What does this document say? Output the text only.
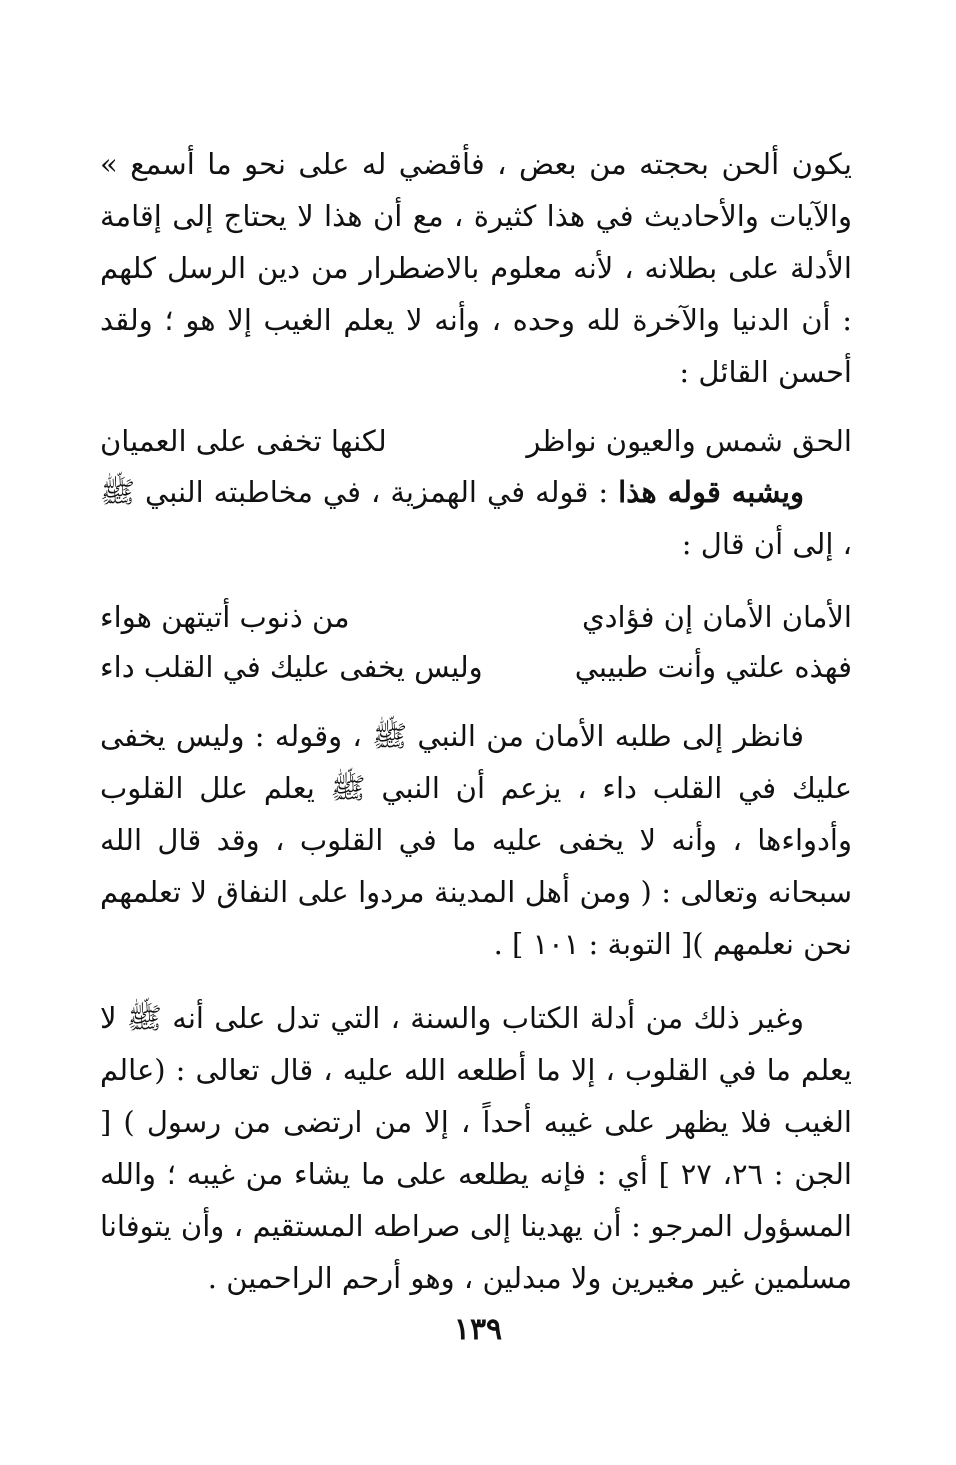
يكون ألحن بحجته من بعض ، فأقضي له على نحو ما أسمع » والآيات والأحاديث في هذا كثيرة ، مع أن هذا لا يحتاج إلى إقامة الأدلة على بطلانه ، لأنه معلوم بالاضطرار من دين الرسل كلهم : أن الدنيا والآخرة لله وحده ، وأنه لا يعلم الغيب إلا هو ؛ ولقد أحسن القائل :

الحق شمس والعيون نواظر
لكنها تخفى على العميان

ويشبه قوله هذا : قوله في الهمزية ، في مخاطبته النبي ﷺ ، إلى أن قال :

الأمان الأمان إن فؤادي
من ذنوب أتيتهن هواء
فهذه علتي وأنت طبيبي
وليس يخفى عليك في القلب داء

فانظر إلى طلبه الأمان من النبي ﷺ ، وقوله : وليس يخفى عليك في القلب داء ، يزعم أن النبي ﷺ يعلم علل القلوب وأدواءها ، وأنه لا يخفى عليه ما في القلوب ، وقد قال الله سبحانه وتعالى : ( ومن أهل المدينة مردوا على النفاق لا تعلمهم نحن نعلمهم )[ التوبة : ١٠١ ] .

وغير ذلك من أدلة الكتاب والسنة ، التي تدل على أنه ﷺ لا يعلم ما في القلوب ، إلا ما أطلعه الله عليه ، قال تعالى : (عالم الغيب فلا يظهر على غيبه أحداً ، إلا من ارتضى من رسول ) [ الجن : ٢٦، ٢٧ ] أي : فإنه يطلعه على ما يشاء من غيبه ؛ والله المسؤول المرجو : أن يهدينا إلى صراطه المستقيم ، وأن يتوفانا مسلمين غير مغيرين ولا مبدلين ، وهو أرحم الراحمين .

١٣٩
